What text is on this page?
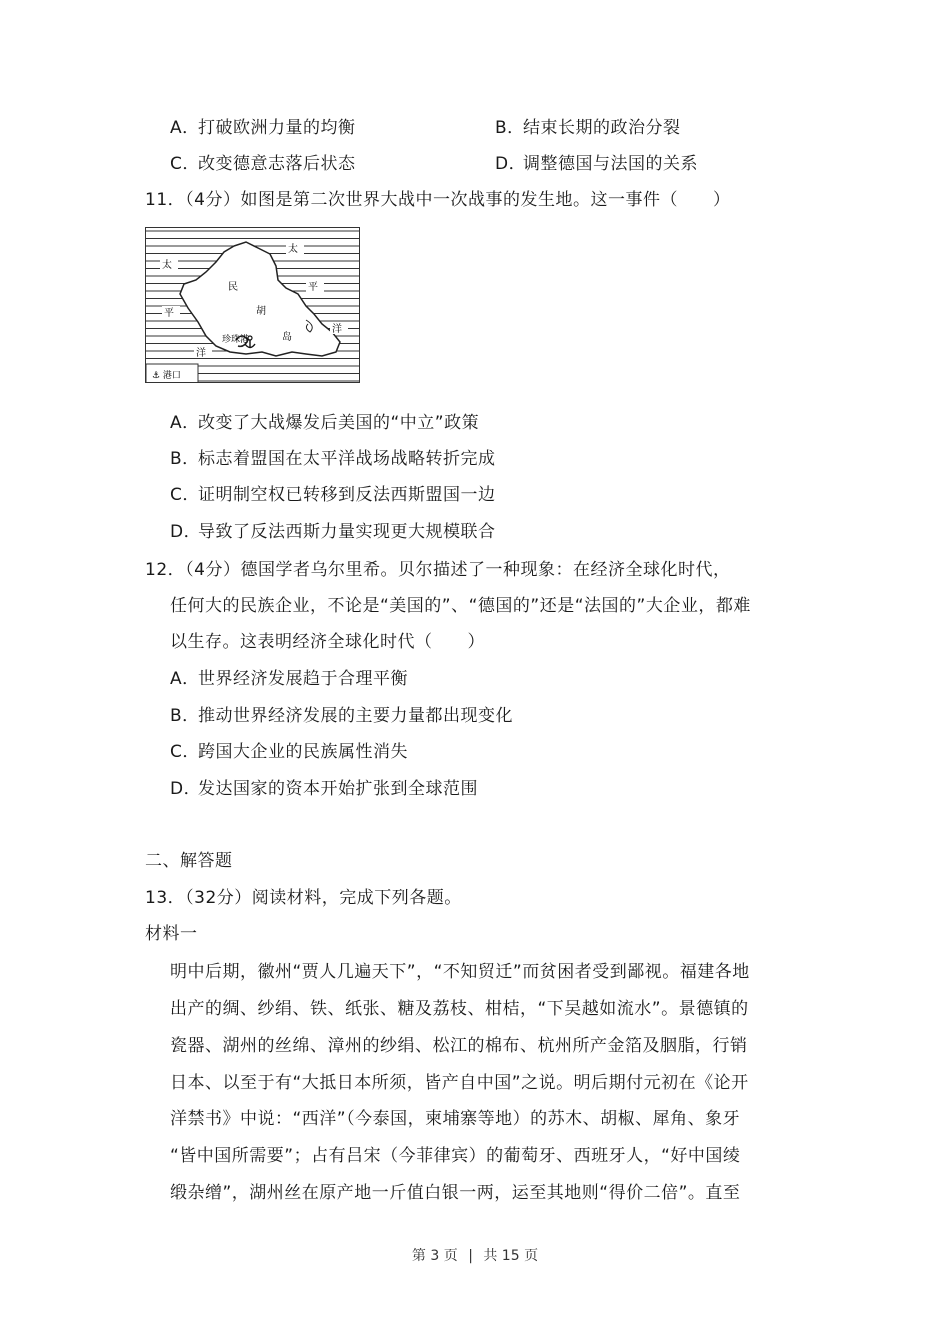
A．打破欧洲力量的均衡	B．结束长期的政治分裂
C．改变德意志落后状态	D．调整德国与法国的关系
11．（4分）如图是第二次世界大战中一次战事的发生地。这一事件（　　）
太
太
平
平
洋
洋
民
胡
岛
珍珠港
⚓ 港口
A．改变了大战爆发后美国的“中立”政策
B．标志着盟国在太平洋战场战略转折完成
C．证明制空权已转移到反法西斯盟国一边
D．导致了反法西斯力量实现更大规模联合
12．（4分）德国学者乌尔里希。贝尔描述了一种现象：在经济全球化时代，
任何大的民族企业，不论是“美国的”、“德国的”还是“法国的”大企业，都难
以生存。这表明经济全球化时代（　　）
A．世界经济发展趋于合理平衡
B．推动世界经济发展的主要力量都出现变化
C．跨国大企业的民族属性消失
D．发达国家的资本开始扩张到全球范围
二、解答题
13．（32分）阅读材料，完成下列各题。
材料一
明中后期，徽州“贾人几遍天下”，“不知贸迁”而贫困者受到鄙视。福建各地
出产的绸、纱绢、铁、纸张、糖及荔枝、柑桔，“下吴越如流水”。景德镇的
瓷器、湖州的丝绵、漳州的纱绢、松江的棉布、杭州所产金箔及胭脂，行销
日本、以至于有“大抵日本所须，皆产自中国”之说。明后期付元初在《论开
洋禁书》中说：“西洋”（今泰国，柬埔寨等地）的苏木、胡椒、犀角、象牙
“皆中国所需要”；占有吕宋（今菲律宾）的葡萄牙、西班牙人，“好中国绫
缎杂缯”，湖州丝在原产地一斤值白银一两，运至其地则“得价二倍”。直至
第 3 页 | 共 15 页
